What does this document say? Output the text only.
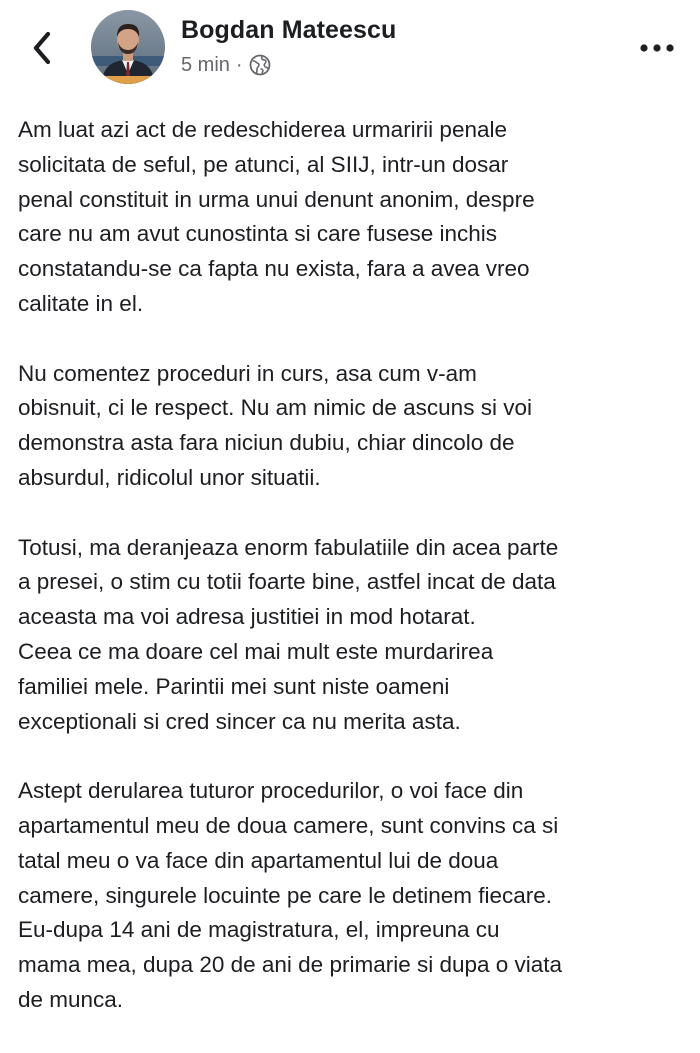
Bogdan Mateescu
5 min ·

Am luat azi act de redeschiderea urmaririi penale
solicitata de seful, pe atunci, al SIIJ, intr-un dosar
penal constituit in urma unui denunt anonim, despre
care nu am avut cunostinta si care fusese inchis
constatandu-se ca fapta nu exista, fara a avea vreo
calitate in el.

Nu comentez proceduri in curs, asa cum v-am
obisnuit, ci le respect. Nu am nimic de ascuns si voi
demonstra asta fara niciun dubiu, chiar dincolo de
absurdul, ridicolul unor situatii.

Totusi, ma deranjeaza enorm fabulatiile din acea parte
a presei, o stim cu totii foarte bine, astfel incat de data
aceasta ma voi adresa justitiei in mod hotarat.
Ceea ce ma doare cel mai mult este murdarirea
familiei mele. Parintii mei sunt niste oameni
exceptionali si cred sincer ca nu merita asta.

Astept derularea tuturor procedurilor, o voi face din
apartamentul meu de doua camere, sunt convins ca si
tatal meu o va face din apartamentul lui de doua
camere, singurele locuinte pe care le detinem fiecare.
Eu-dupa 14 ani de magistratura, el, impreuna cu
mama mea, dupa 20 de ani de primarie si dupa o viata
de munca.
